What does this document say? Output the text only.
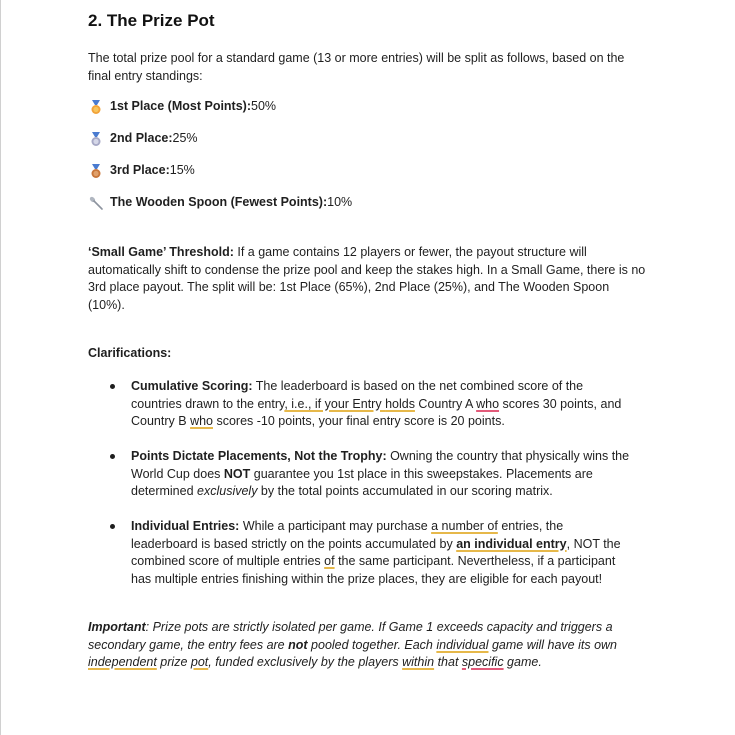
2. The Prize Pot

The total prize pool for a standard game (13 or more entries) will be split as follows, based on the final entry standings:

1st Place (Most Points): 50%
2nd Place: 25%
3rd Place: 15%
The Wooden Spoon (Fewest Points): 10%

‘Small Game’ Threshold: If a game contains 12 players or fewer, the payout structure will automatically shift to condense the prize pool and keep the stakes high. In a Small Game, there is no 3rd place payout. The split will be: 1st Place (65%), 2nd Place (25%), and The Wooden Spoon (10%).

Clarifications:
Cumulative Scoring: The leaderboard is based on the net combined score of the countries drawn to the entry, i.e., if your Entry holds Country A who scores 30 points, and Country B who scores -10 points, your final entry score is 20 points.
Points Dictate Placements, Not the Trophy: Owning the country that physically wins the World Cup does NOT guarantee you 1st place in this sweepstakes. Placements are determined exclusively by the total points accumulated in our scoring matrix.
Individual Entries: While a participant may purchase a number of entries, the leaderboard is based strictly on the points accumulated by an individual entry, NOT the combined score of multiple entries of the same participant. Nevertheless, if a participant has multiple entries finishing within the prize places, they are eligible for each payout!

Important: Prize pots are strictly isolated per game. If Game 1 exceeds capacity and triggers a secondary game, the entry fees are not pooled together. Each individual game will have its own independent prize pot, funded exclusively by the players within that specific game.
